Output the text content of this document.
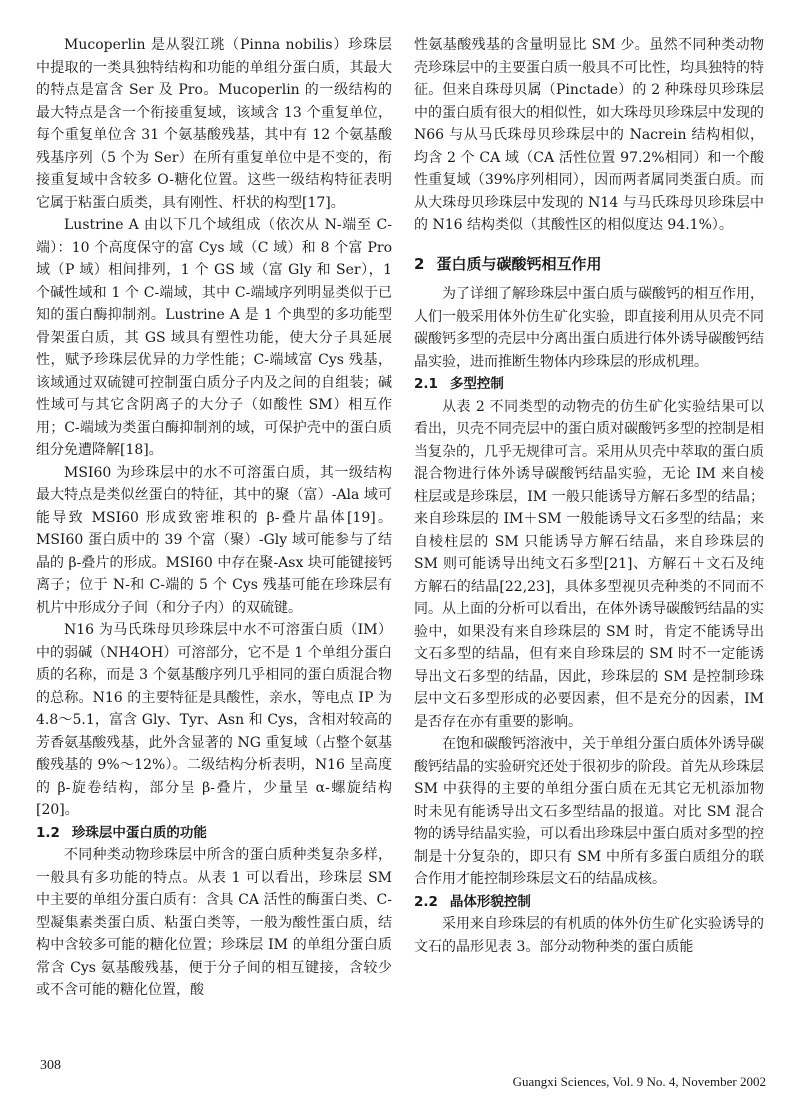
Mucoperlin 是从裂江珧（Pinna nobilis）珍珠层中提取的一类具独特结构和功能的单组分蛋白质，其最大的特点是富含 Ser 及 Pro。Mucoperlin 的一级结构的最大特点是含一个衔接重复域，该域含 13 个重复单位，每个重复单位含 31 个氨基酸残基，其中有 12 个氨基酸残基序列（5 个为 Ser）在所有重复单位中是不变的，衔接重复域中含较多 O-糖化位置。这些一级结构特征表明它属于粘蛋白质类，具有刚性、杆状的构型[17]。

Lustrine A 由以下几个域组成（依次从 N-端至 C-端）：10 个高度保守的富 Cys 域（C 域）和 8 个富 Pro 域（P 域）相间排列，1 个 GS 域（富 Gly 和 Ser），1 个碱性域和 1 个 C-端域，其中 C-端域序列明显类似于已知的蛋白酶抑制剂。Lustrine A 是 1 个典型的多功能型骨架蛋白质，其 GS 域具有塑性功能，使大分子具延展性，赋予珍珠层优异的力学性能；C-端域富 Cys 残基，该域通过双硫键可控制蛋白质分子内及之间的自组装；碱性域可与其它含阴离子的大分子（如酸性 SM）相互作用；C-端域为类蛋白酶抑制剂的域，可保护壳中的蛋白质组分免遭降解[18]。

MSI60 为珍珠层中的水不可溶蛋白质，其一级结构最大特点是类似丝蛋白的特征，其中的聚（富）-Ala 域可能导致 MSI60 形成致密堆积的 β-叠片晶体[19]。MSI60 蛋白质中的 39 个富（聚）-Gly 域可能参与了结晶的 β-叠片的形成。MSI60 中存在聚-Asx 块可能键接钙离子；位于 N-和 C-端的 5 个 Cys 残基可能在珍珠层有机片中形成分子间（和分子内）的双硫键。

N16 为马氏珠母贝珍珠层中水不可溶蛋白质（IM）中的弱碱（NH4OH）可溶部分，它不是 1 个单组分蛋白质的名称，而是 3 个氨基酸序列几乎相同的蛋白质混合物的总称。N16 的主要特征是具酸性，亲水，等电点 IP 为 4.8～5.1，富含 Gly、Tyr、Asn 和 Cys，含相对较高的芳香氨基酸残基，此外含显著的 NG 重复域（占整个氨基酸残基的 9%～12%）。二级结构分析表明，N16 呈高度的 β-旋卷结构，部分呈 β-叠片，少量呈 α-螺旋结构[20]。

1.2 珍珠层中蛋白质的功能

不同种类动物珍珠层中所含的蛋白质种类复杂多样，一般具有多功能的特点。从表 1 可以看出，珍珠层 SM 中主要的单组分蛋白质有：含具 CA 活性的酶蛋白类、C-型凝集素类蛋白质、粘蛋白类等，一般为酸性蛋白质，结构中含较多可能的糖化位置；珍珠层 IM 的单组分蛋白质常含 Cys 氨基酸残基，便于分子间的相互键接，含较少或不含可能的糖化位置，酸

性氨基酸残基的含量明显比 SM 少。虽然不同种类动物壳珍珠层中的主要蛋白质一般具不可比性，均具独特的特征。但来自珠母贝属（Pinctade）的 2 种珠母贝珍珠层中的蛋白质有很大的相似性，如大珠母贝珍珠层中发现的 N66 与从马氏珠母贝珍珠层中的 Nacrein 结构相似，均含 2 个 CA 域（CA 活性位置 97.2%相同）和一个酸性重复域（39%序列相同），因而两者属同类蛋白质。而从大珠母贝珍珠层中发现的 N14 与马氏珠母贝珍珠层中的 N16 结构类似（其酸性区的相似度达 94.1%）。

2 蛋白质与碳酸钙相互作用

为了详细了解珍珠层中蛋白质与碳酸钙的相互作用，人们一般采用体外仿生矿化实验，即直接利用从贝壳不同碳酸钙多型的壳层中分离出蛋白质进行体外诱导碳酸钙结晶实验，进而推断生物体内珍珠层的形成机理。

2.1 多型控制

从表 2 不同类型的动物壳的仿生矿化实验结果可以看出，贝壳不同壳层中的蛋白质对碳酸钙多型的控制是相当复杂的，几乎无规律可言。采用从贝壳中萃取的蛋白质混合物进行体外诱导碳酸钙结晶实验，无论 IM 来自棱柱层或是珍珠层，IM 一般只能诱导方解石多型的结晶；来自珍珠层的 IM＋SM 一般能诱导文石多型的结晶；来自棱柱层的 SM 只能诱导方解石结晶，来自珍珠层的 SM 则可能诱导出纯文石多型[21]、方解石＋文石及纯方解石的结晶[22,23]，具体多型视贝壳种类的不同而不同。从上面的分析可以看出，在体外诱导碳酸钙结晶的实验中，如果没有来自珍珠层的 SM 时，肯定不能诱导出文石多型的结晶，但有来自珍珠层的 SM 时不一定能诱导出文石多型的结晶，因此，珍珠层的 SM 是控制珍珠层中文石多型形成的必要因素，但不是充分的因素，IM 是否存在亦有重要的影响。

在饱和碳酸钙溶液中，关于单组分蛋白质体外诱导碳酸钙结晶的实验研究还处于很初步的阶段。首先从珍珠层 SM 中获得的主要的单组分蛋白质在无其它无机添加物时未见有能诱导出文石多型结晶的报道。对比 SM 混合物的诱导结晶实验，可以看出珍珠层中蛋白质对多型的控制是十分复杂的，即只有 SM 中所有多蛋白质组分的联合作用才能控制珍珠层文石的结晶成核。

2.2 晶体形貌控制

采用来自珍珠层的有机质的体外仿生矿化实验诱导的文石的晶形见表 3。部分动物种类的蛋白质能

308
Guangxi Sciences, Vol. 9 No. 4, November 2002
